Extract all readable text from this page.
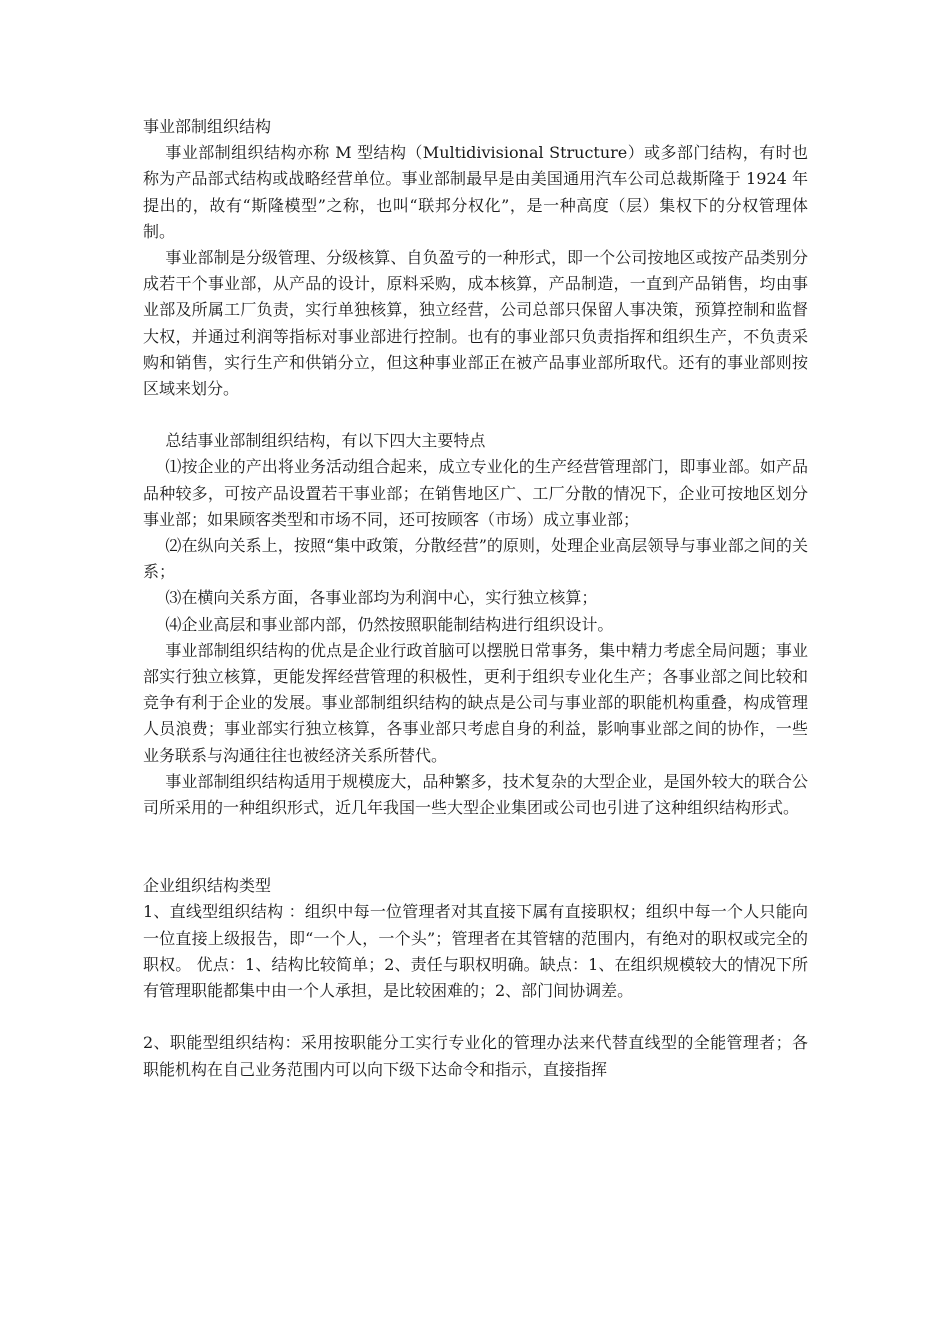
事业部制组织结构

事业部制组织结构亦称 M 型结构（Multidivisional Structure）或多部门结构，有时也称为产品部式结构或战略经营单位。事业部制最早是由美国通用汽车公司总裁斯隆于 1924 年提出的，故有“斯隆模型”之称，也叫“联邦分权化”，是一种高度（层）集权下的分权管理体制。

事业部制是分级管理、分级核算、自负盈亏的一种形式，即一个公司按地区或按产品类别分成若干个事业部，从产品的设计，原料采购，成本核算，产品制造，一直到产品销售，均由事业部及所属工厂负责，实行单独核算，独立经营，公司总部只保留人事决策，预算控制和监督大权，并通过利润等指标对事业部进行控制。也有的事业部只负责指挥和组织生产，不负责采购和销售，实行生产和供销分立，但这种事业部正在被产品事业部所取代。还有的事业部则按区域来划分。

总结事业部制组织结构，有以下四大主要特点

⑴按企业的产出将业务活动组合起来，成立专业化的生产经营管理部门，即事业部。如产品品种较多，可按产品设置若干事业部；在销售地区广、工厂分散的情况下，企业可按地区划分事业部；如果顾客类型和市场不同，还可按顾客（市场）成立事业部；

⑵在纵向关系上，按照“集中政策，分散经营”的原则，处理企业高层领导与事业部之间的关系；

⑶在横向关系方面，各事业部均为利润中心，实行独立核算；

⑷企业高层和事业部内部，仍然按照职能制结构进行组织设计。

事业部制组织结构的优点是企业行政首脑可以摆脱日常事务，集中精力考虑全局问题；事业部实行独立核算，更能发挥经营管理的积极性，更利于组织专业化生产；各事业部之间比较和竞争有利于企业的发展。事业部制组织结构的缺点是公司与事业部的职能机构重叠，构成管理人员浪费；事业部实行独立核算，各事业部只考虑自身的利益，影响事业部之间的协作，一些业务联系与沟通往往也被经济关系所替代。

事业部制组织结构适用于规模庞大，品种繁多，技术复杂的大型企业，是国外较大的联合公司所采用的一种组织形式，近几年我国一些大型企业集团或公司也引进了这种组织结构形式。

企业组织结构类型

1、直线型组织结构 ：组织中每一位管理者对其直接下属有直接职权；组织中每一个人只能向一位直接上级报告，即“一个人，一个头”；管理者在其管辖的范围内，有绝对的职权或完全的职权。 优点：1、结构比较简单；2、责任与职权明确。缺点：1、在组织规模较大的情况下所有管理职能都集中由一个人承担，是比较困难的；2、部门间协调差。

2、职能型组织结构：采用按职能分工实行专业化的管理办法来代替直线型的全能管理者；各职能机构在自己业务范围内可以向下级下达命令和指示，直接指挥
